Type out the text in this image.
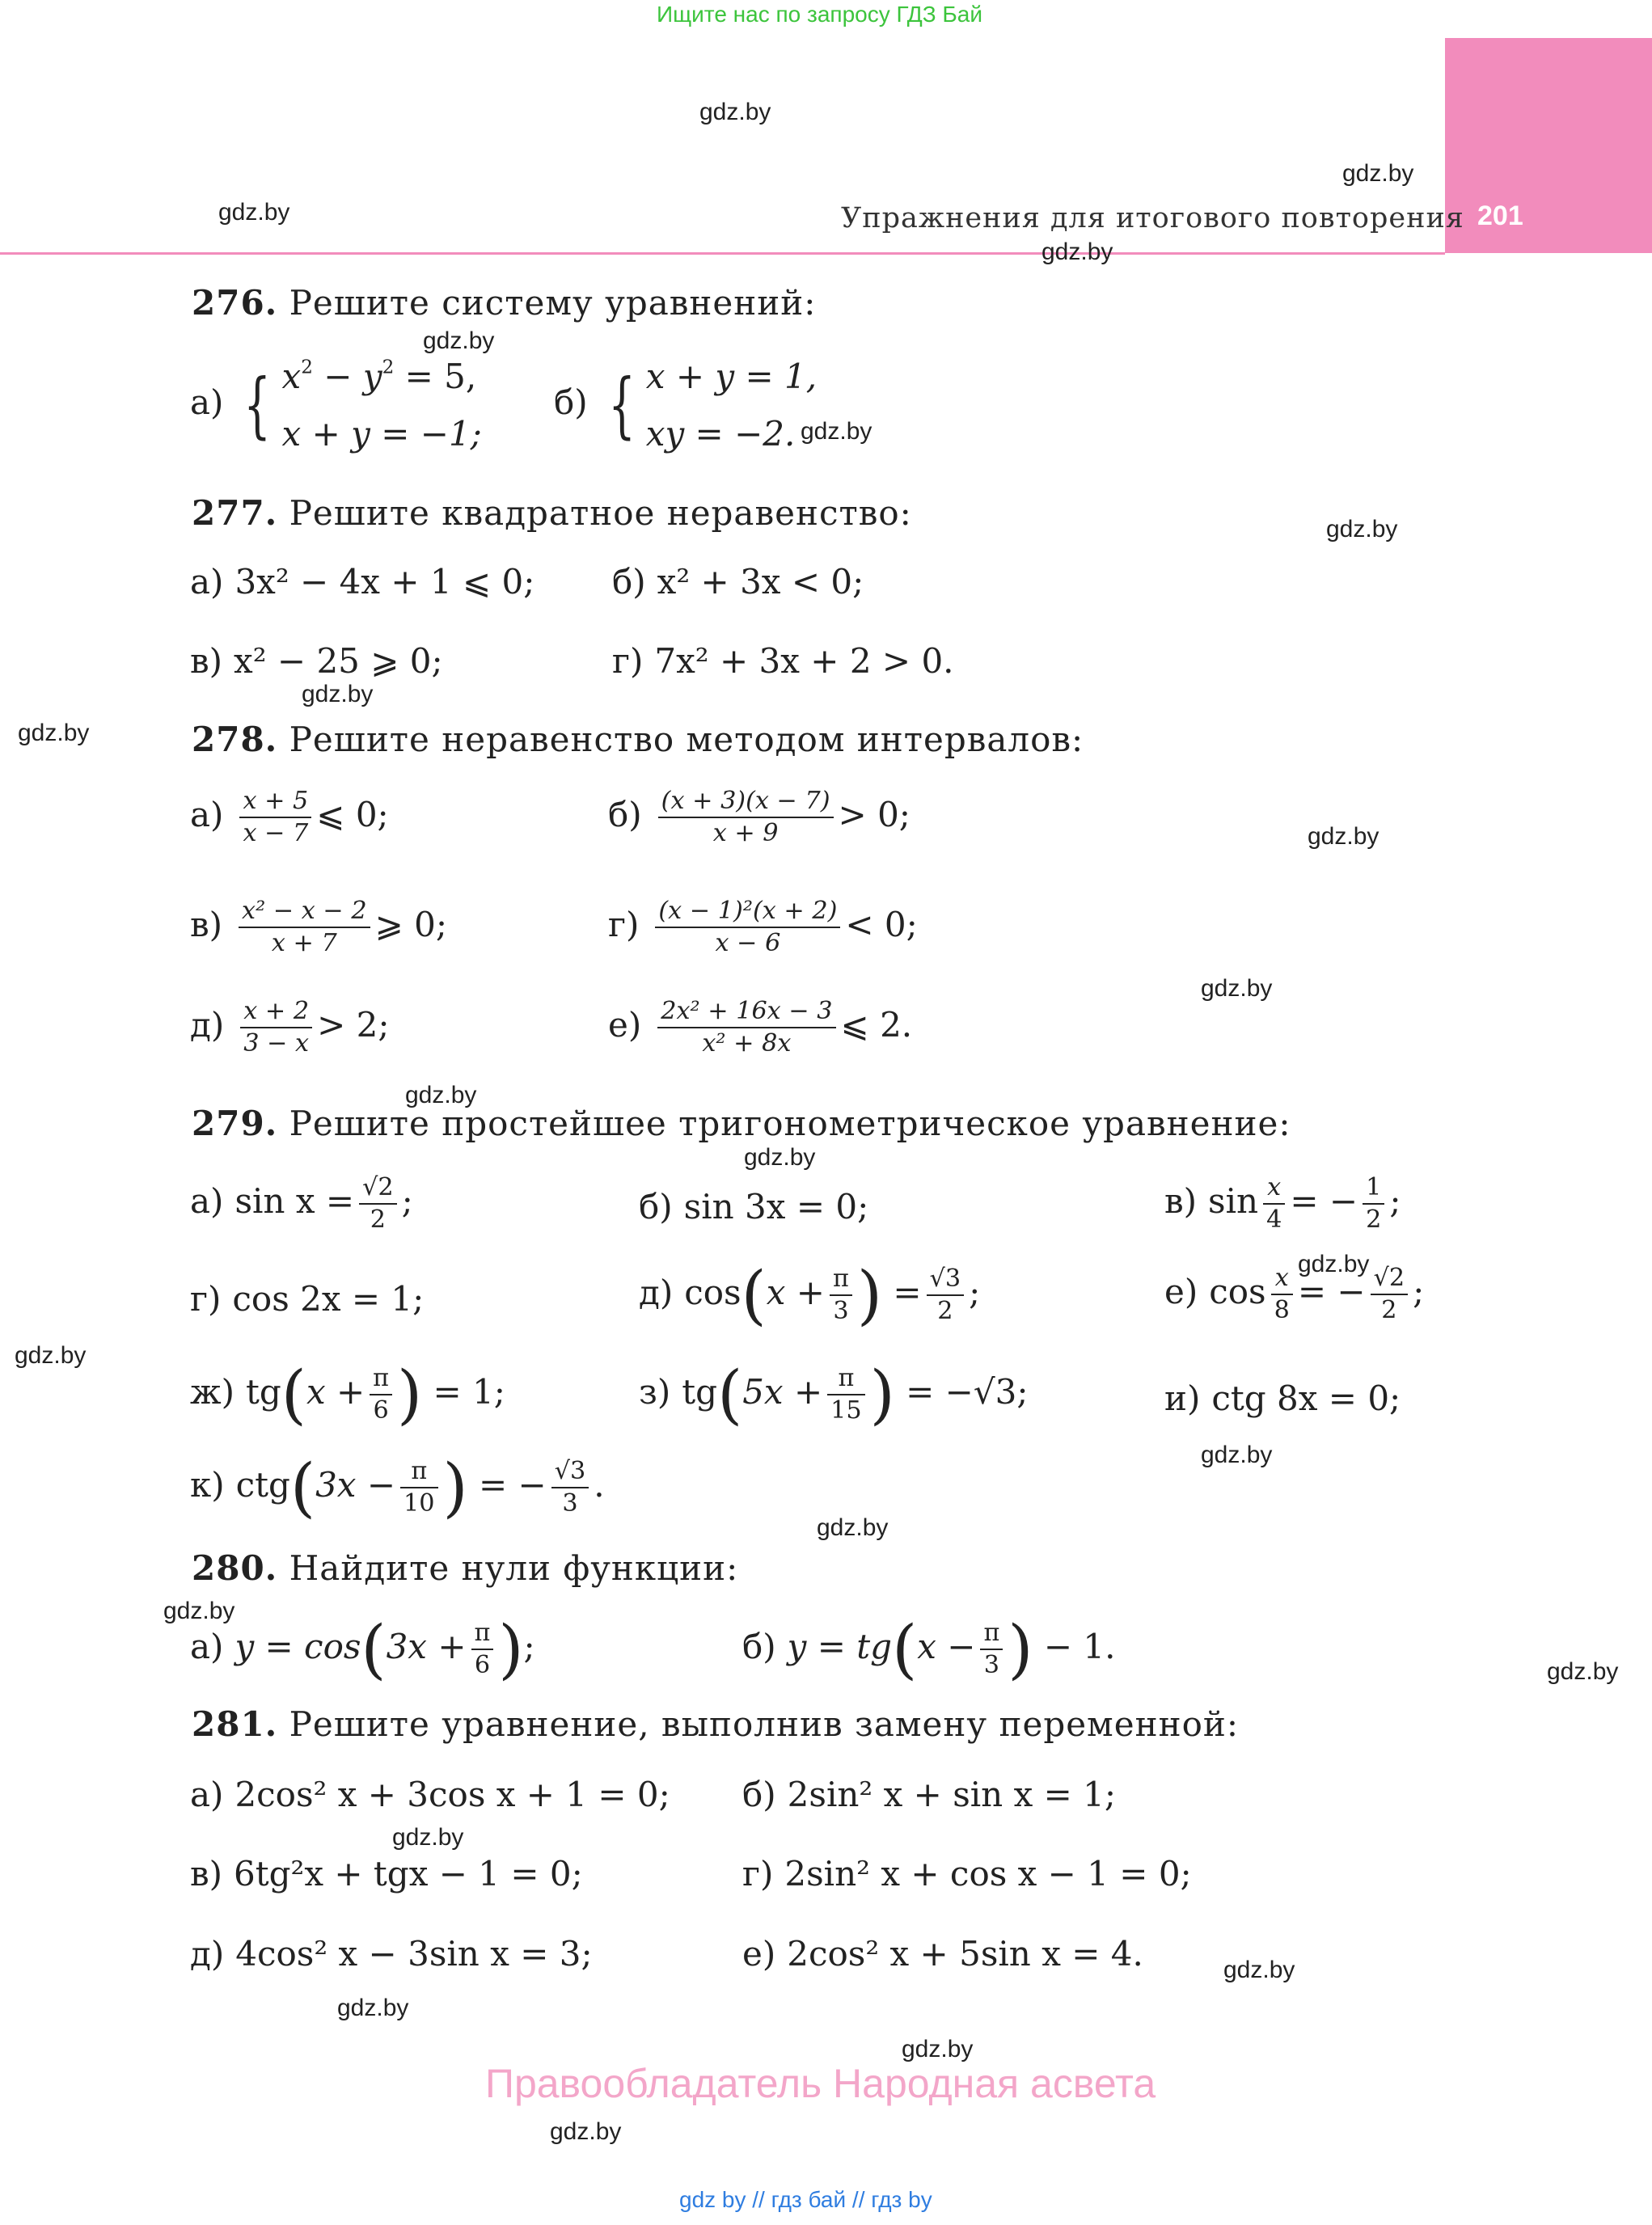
Ищите нас по запросу ГДЗ Бай
201
Упражнения для итогового повторения
gdz.by
gdz.by
gdz.by
gdz.by
gdz.by
gdz.by
gdz.by
gdz.by
gdz.by
gdz.by
gdz.by
gdz.by
gdz.by
gdz.by
gdz.by
gdz.by
gdz.by
gdz.by
gdz.by
gdz.by
gdz.by
gdz.by
gdz.by
gdz.by
276. Решите систему уравнений:
а) { $x^2 - y^2 = 5$,
x + y = −1;
б) { x + y = 1,
xy = −2.
277. Решите квадратное неравенство:
а) 3x² − 4x + 1 ⩽ 0; б) x² + 3x < 0;
в) x² − 25 ⩾ 0;	г) 7x² + 3x + 2 > 0.
278. Решите неравенство методом интервалов:
$а) \frac{x + 5}{x - 7}$ ⩽ 0;	$б) \frac{(x + 3)(x - 7)}{x + 9} > 0$;
$в) \frac{\text{x² − x − 2}}{x + 7}$ ⩾ 0;	$г) \frac{\text{(x − 1)²(x + 2)}}{x - 6} < 0$;
$д) \frac{x + 2}{3 - x} > 2$;	$е) \frac{\text{2x² + 16x − 3}}{\text{x² + 8x}}$ ⩽ 2.
279. Решите простейшее тригонометрическое уравнение:
а) $\sin x = \frac{√2}{2}$ ;	б) sin 3x = 0;	в) $\sin \frac{x}{4}$ = − $\frac{1}{2}$ ;
г) cos 2x = 1;	д) $\cos(x + \frac{\pi}{3}$ ) = $\frac{√3}{2}$ ;	е) $\cos \frac{x}{8}$ = − $\frac{√2}{2}$ ;
ж) $tg(x + \frac{\pi}{6}$ ) = 1;	з) $tg(5x + \frac{\pi}{15}$ ) = −√3;	и) ctg 8x = 0;
к) $ctg(3x - \frac{\pi}{10}$ ) = − $\frac{√3}{3}$ .
280. Найдите нули функции:
а) $y = \cos(3x + \frac{\pi}{6}$ );	б) $y = tg(x - \frac{\pi}{3}$ ) − 1.
281. Решите уравнение, выполнив замену переменной:
а) 2cos² x + 3cos x + 1 = 0; б) 2sin² x + sin x = 1;
в) 6tg²x + tgx − 1 = 0;	г) 2sin² x + cos x − 1 = 0;
д) 4cos² x − 3sin x = 3;	е) 2cos² x + 5sin x = 4.
Правообладатель Народная асвета
gdz by // гдз бай // гдз by
